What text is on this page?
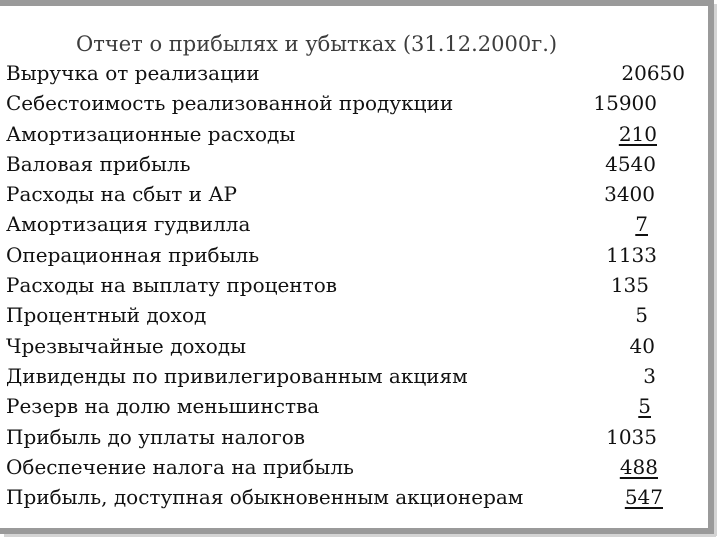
Отчет о прибылях и убытках (31.12.2000г.)
Выручка от реализации	20650
Себестоимость реализованной продукции	15900
Амортизационные расходы	210
Валовая прибыль	4540
Расходы на сбыт и АР	3400
Амортизация гудвилла	7
Операционная прибыль	1133
Расходы на выплату процентов	135
Процентный доход	5
Чрезвычайные доходы	40
Дивиденды по привилегированным акциям	3
Резерв на долю меньшинства	5
Прибыль до уплаты налогов	1035
Обеспечение налога на прибыль	488
Прибыль, доступная обыкновенным акционерам	547
